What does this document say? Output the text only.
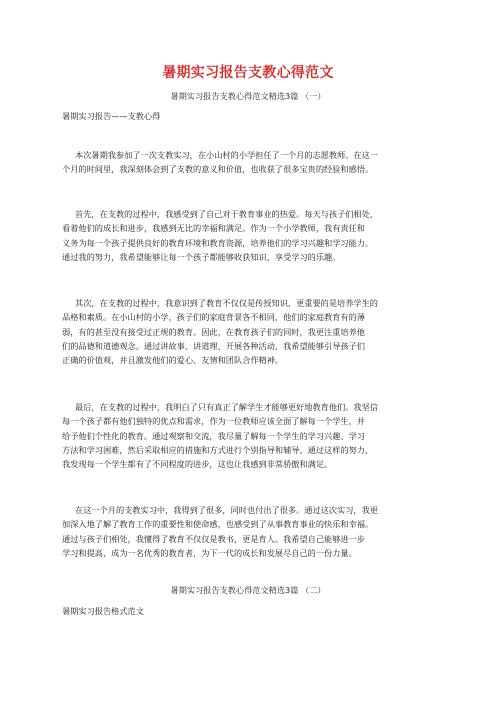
暑期实习报告支教心得范文
暑期实习报告支教心得范文精选3篇 （一）
暑期实习报告——支教心得
本次暑期我参加了一次支教实习，在小山村的小学担任了一个月的志愿教师。在这一
个月的时间里，我深刻体会到了支教的意义和价值，也收获了很多宝贵的经验和感悟。
首先，在支教的过程中，我感受到了自己对于教育事业的热爱。每天与孩子们相处，
看着他们的成长和进步，我感到无比的幸福和满足。作为一个小学教师，我有责任和
义务为每一个孩子提供良好的教育环境和教育资源，培养他们的学习兴趣和学习能力。
通过我的努力，我希望能够让每一个孩子都能够收获知识，享受学习的乐趣。
其次，在支教的过程中，我意识到了教育不仅仅是传授知识，更重要的是培养学生的
品格和素质。在小山村的小学，孩子们的家庭背景各不相同，他们的家庭教育有的薄
弱，有的甚至没有接受过正规的教育。因此，在教育孩子们的同时，我更注重培养他
们的品德和道德观念。通过讲故事、讲道理、开展各种活动，我希望能够引导孩子们
正确的价值观，并且激发他们的爱心、友情和团队合作精神。
最后，在支教的过程中，我明白了只有真正了解学生才能够更好地教育他们。我坚信
每一个孩子都有他们独特的优点和需求，作为一位教师应该全面了解每一个学生，并
给予他们个性化的教育。通过观察和交流，我尽量了解每一个学生的学习兴趣、学习
方法和学习困难，然后采取相应的措施和方式进行个别指导和辅导。通过这样的努力，
我发现每一个学生都有了不同程度的进步，这也让我感到非常骄傲和满足。
在这一个月的支教实习中，我得到了很多，同时也付出了很多。通过这次实习，我更
加深入地了解了教育工作的重要性和使命感，也感受到了从事教育事业的快乐和幸福。
通过与孩子们相处，我懂得了教育不仅仅是教书，更是育人。我希望自己能够进一步
学习和提高，成为一名优秀的教育者，为下一代的成长和发展尽自己的一份力量。
暑期实习报告支教心得范文精选3篇 （二）
暑期实习报告格式范文
